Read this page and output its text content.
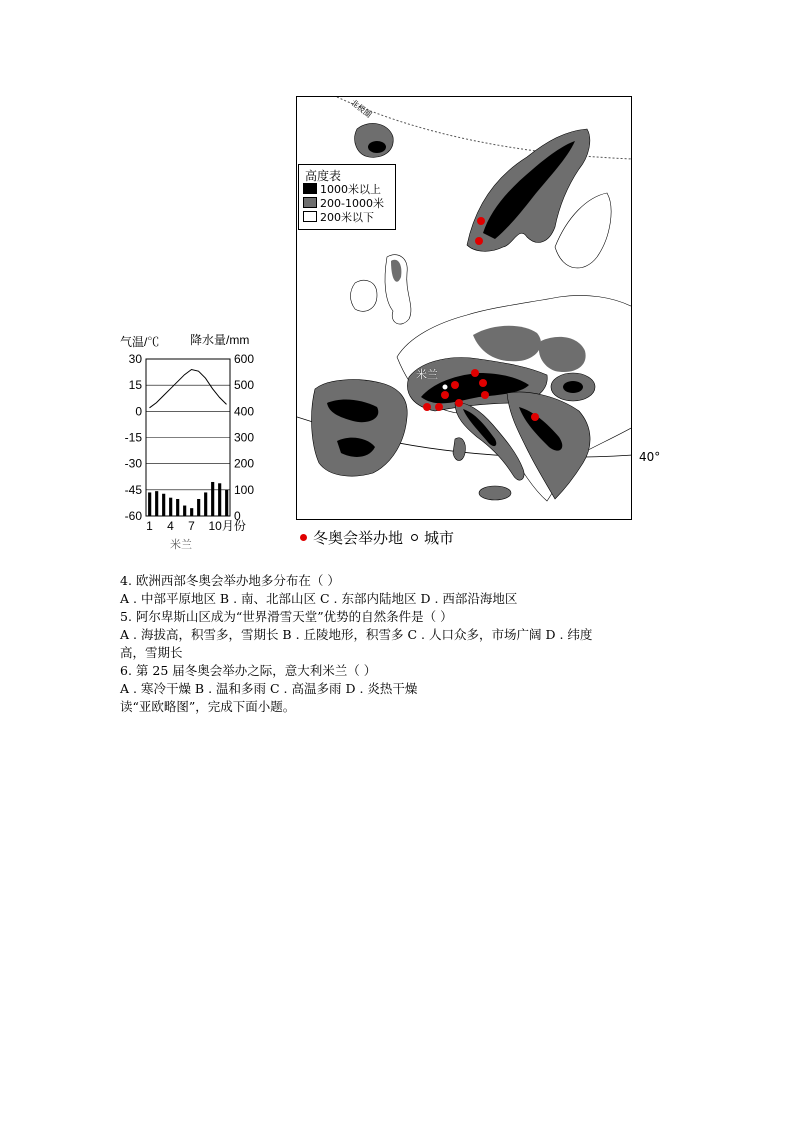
气温/℃	降水量/mm
30
15
0
-15
-30
-45
-60
600
500
400
300
200
100
0
1 4 7 10月份
米兰
北极圈
米兰
40°
高度表
1000米以上
200-1000米
200米以下
冬奥会举办地 城市
4. 欧洲西部冬奥会举办地多分布在（ ）
A . 中部平原地区 B . 南、北部山区 C . 东部内陆地区 D . 西部沿海地区
5. 阿尔卑斯山区成为“世界滑雪天堂”优势的自然条件是（ ）
A . 海拔高，积雪多，雪期长 B . 丘陵地形，积雪多 C . 人口众多，市场广阔 D . 纬度
高，雪期长
6. 第 25 届冬奥会举办之际，意大利米兰（ ）
A . 寒冷干燥 B . 温和多雨 C . 高温多雨 D . 炎热干燥
读“亚欧略图”，完成下面小题。
